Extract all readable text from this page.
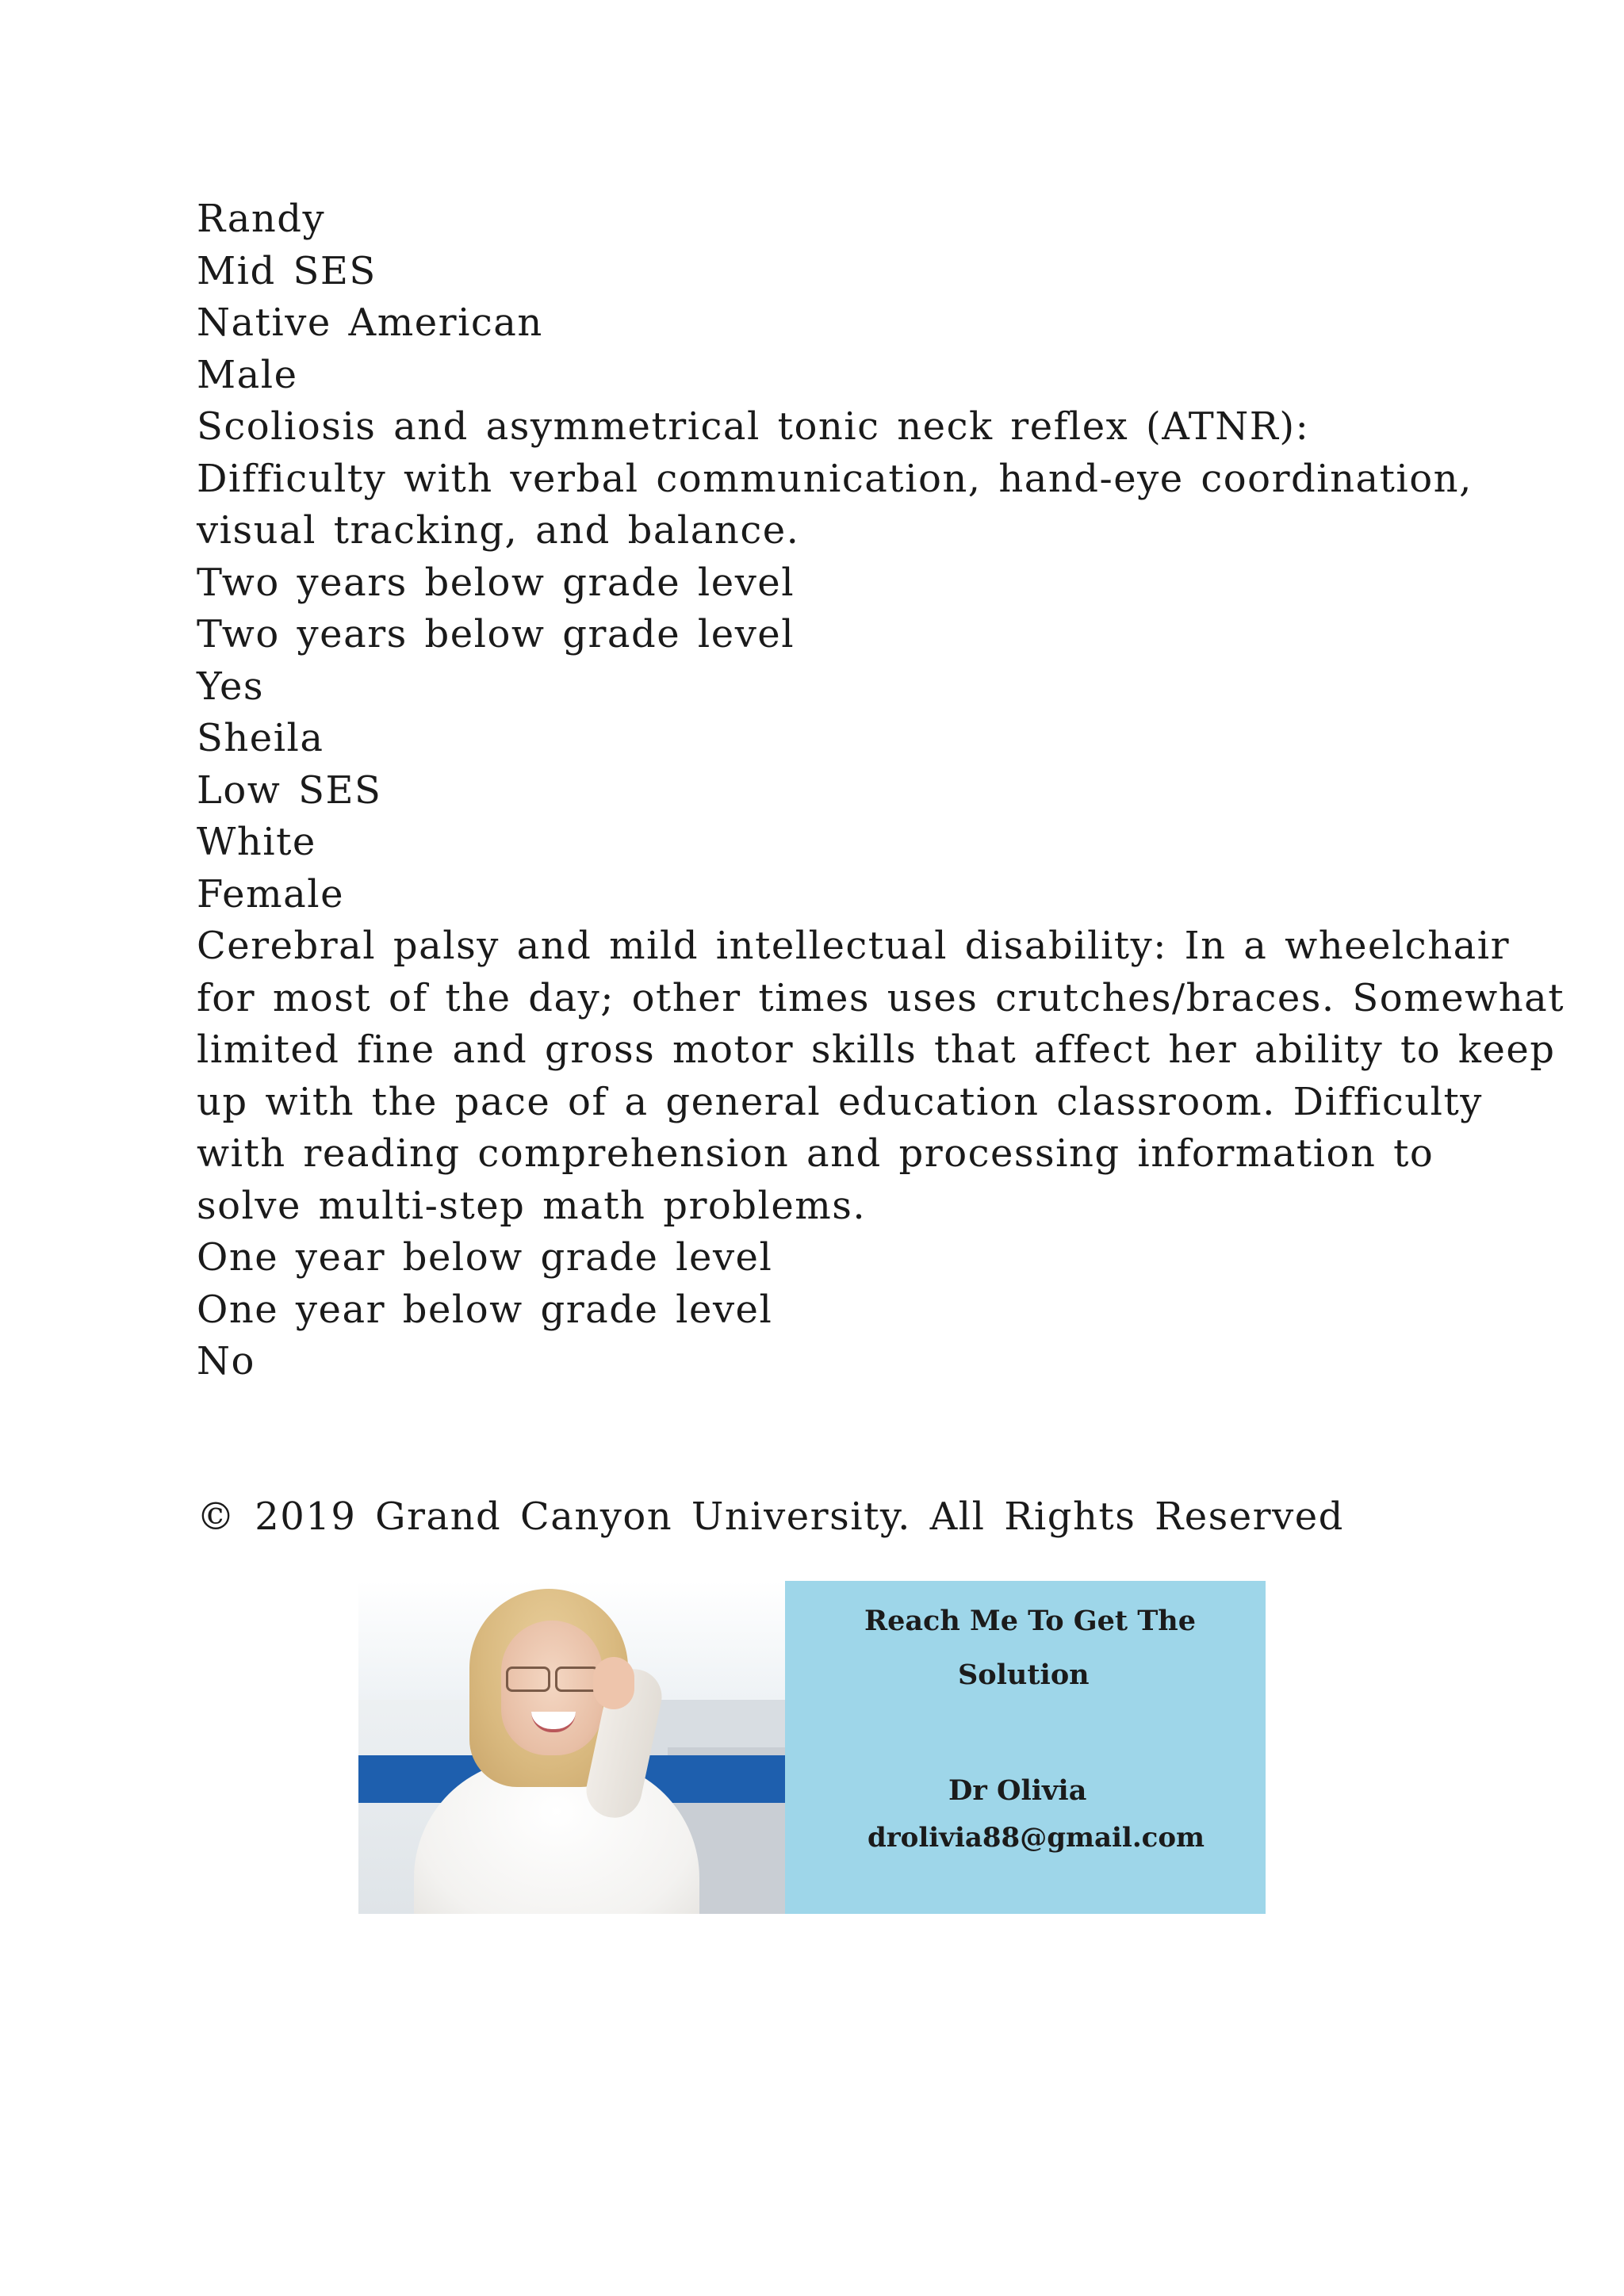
Randy
Mid SES
Native American
Male
Scoliosis and asymmetrical tonic neck reflex (ATNR):
Difficulty with verbal communication, hand-eye coordination,
visual tracking, and balance.
Two years below grade level
Two years below grade level
Yes
Sheila
Low SES
White
Female
Cerebral palsy and mild intellectual disability: In a wheelchair
for most of the day; other times uses crutches/braces. Somewhat
limited fine and gross motor skills that affect her ability to keep
up with the pace of a general education classroom. Difficulty
with reading comprehension and processing information to
solve multi-step math problems.
One year below grade level
One year below grade level
No
© 2019 Grand Canyon University. All Rights Reserved
Reach Me To Get The
Solution
Dr Olivia
drolivia88@gmail.com
